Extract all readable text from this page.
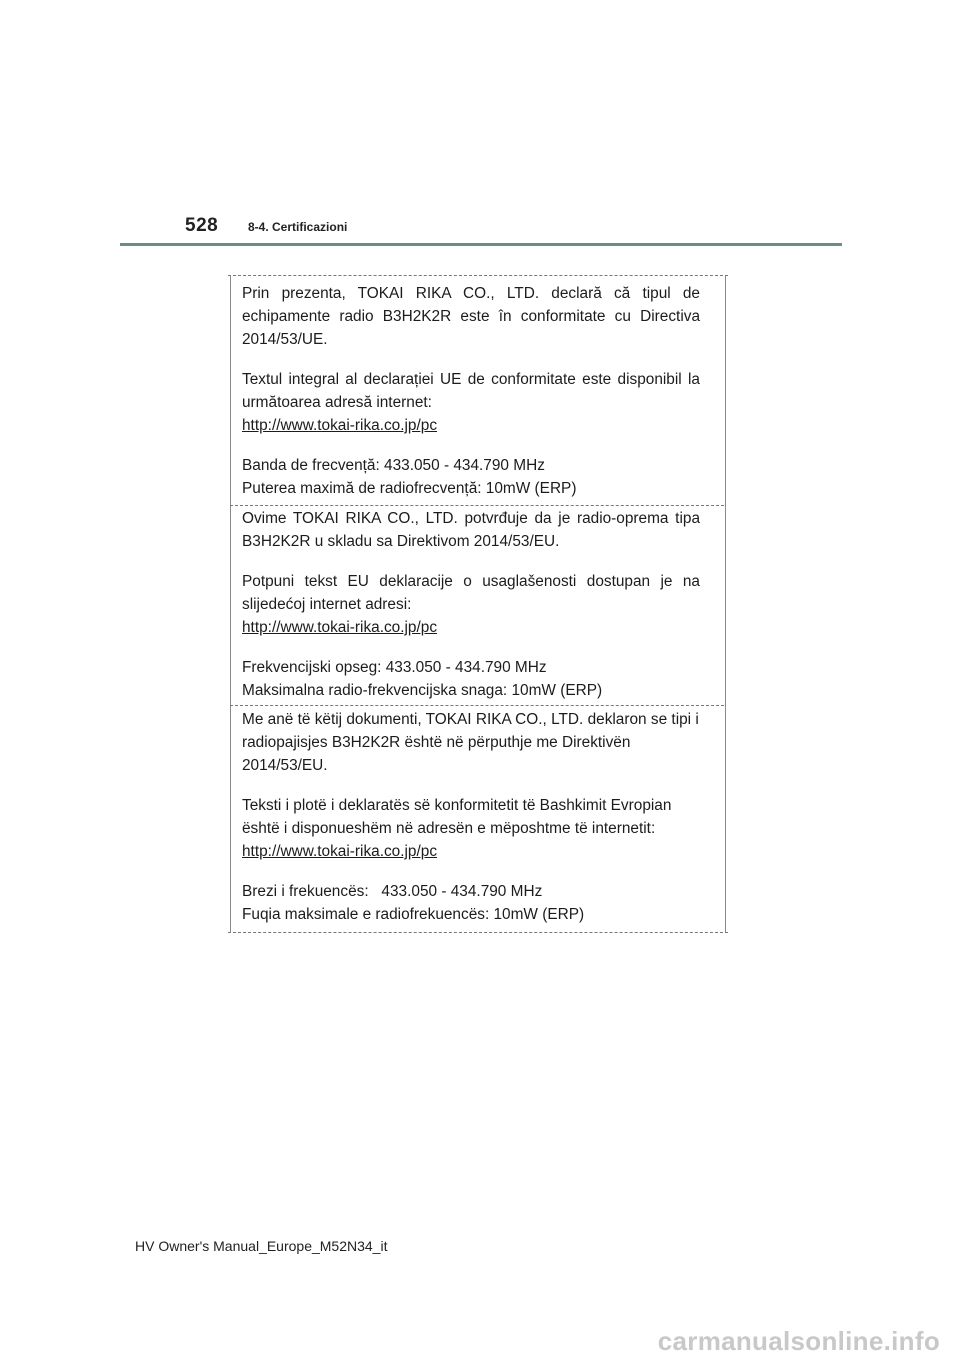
528 8-4. Certificazioni

Prin prezenta, TOKAI RIKA CO., LTD. declară că tipul de echipamente radio B3H2K2R este în conformitate cu Directiva 2014/53/UE.

Textul integral al declarației UE de conformitate este disponibil la următoarea adresă internet:
http://www.tokai-rika.co.jp/pc

Banda de frecvență: 433.050 - 434.790 MHz
Puterea maximă de radiofrecvență: 10mW (ERP)

Ovime TOKAI RIKA CO., LTD. potvrđuje da je radio-oprema tipa B3H2K2R u skladu sa Direktivom 2014/53/EU.

Potpuni tekst EU deklaracije o usaglašenosti dostupan je na slijedećoj internet adresi:
http://www.tokai-rika.co.jp/pc

Frekvencijski opseg: 433.050 - 434.790 MHz
Maksimalna radio-frekvencijska snaga: 10mW (ERP)

Me anë të këtij dokumenti, TOKAI RIKA CO., LTD. deklaron se tipi i radiopajisjes B3H2K2R është në përputhje me Direktivën 2014/53/EU.

Teksti i plotë i deklaratës së konformitetit të Bashkimit Evropian është i disponueshëm në adresën e mëposhtme të internetit:
http://www.tokai-rika.co.jp/pc

Brezi i frekuencës:   433.050 - 434.790 MHz
Fuqia maksimale e radiofrekuencës: 10mW (ERP)

HV Owner's Manual_Europe_M52N34_it
carmanualsonline.info
